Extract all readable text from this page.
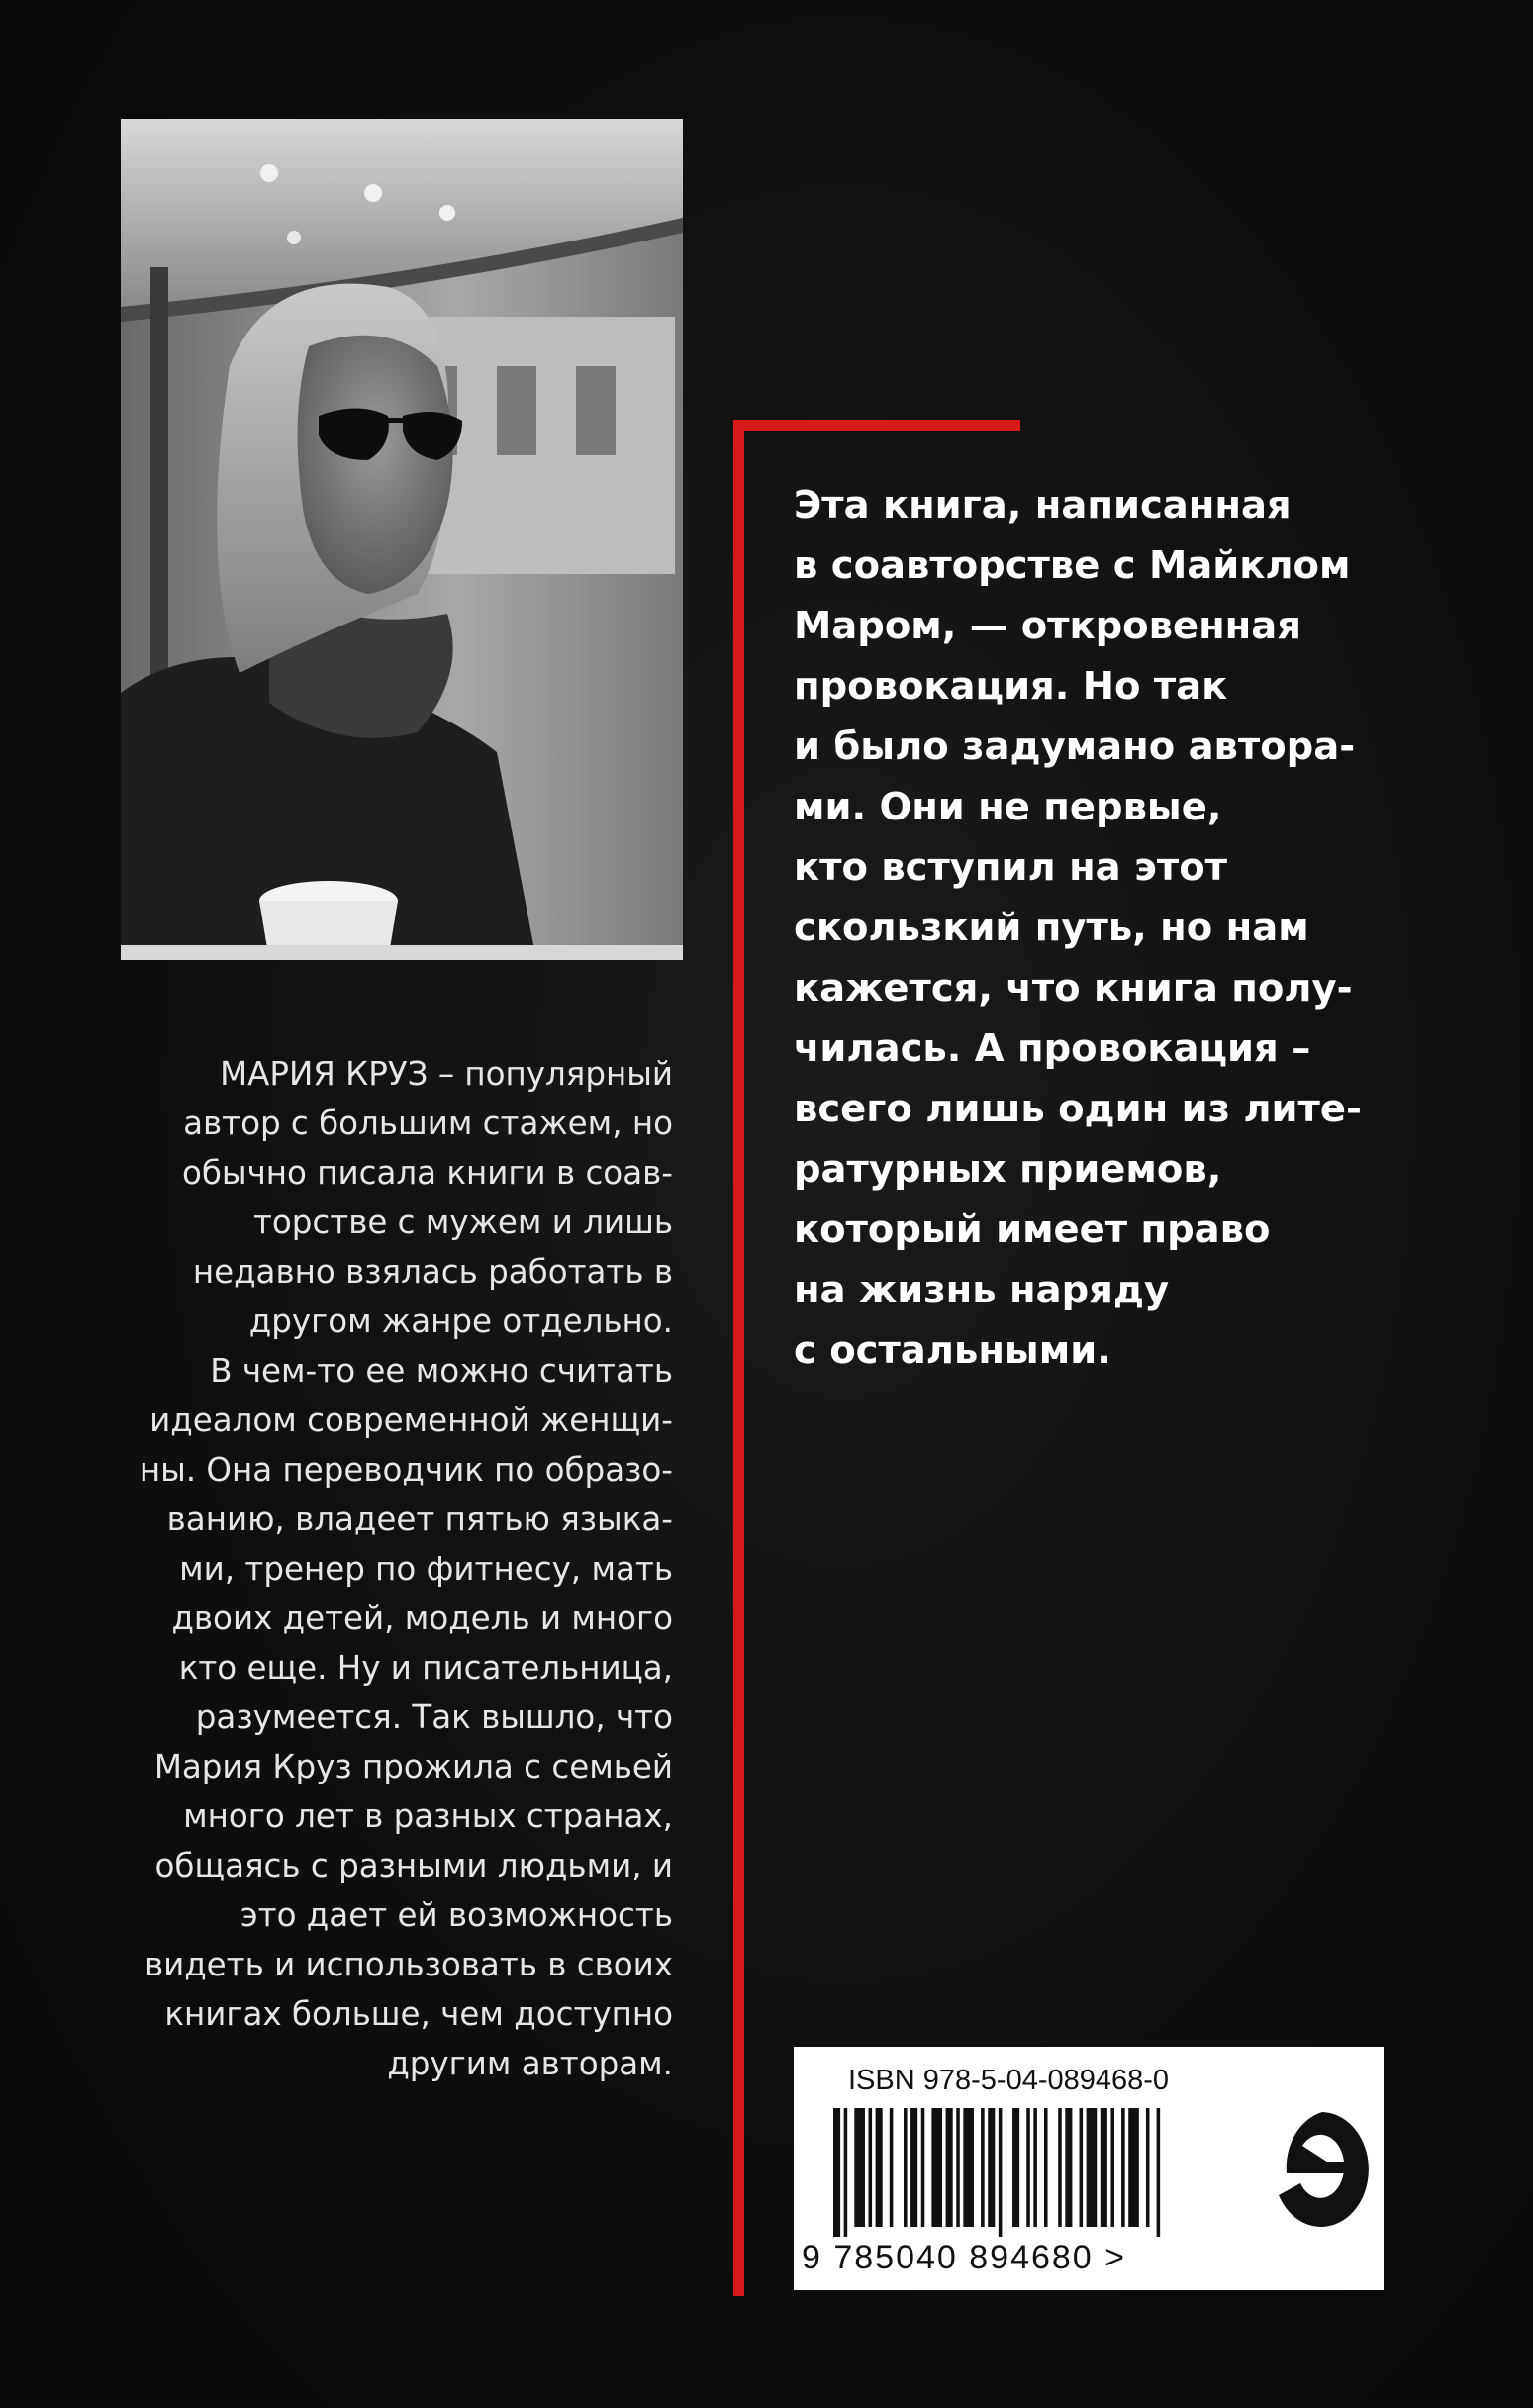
МАРИЯ КРУЗ – популярный
автор с большим стажем, но
обычно писала книги в соав-
торстве с мужем и лишь
недавно взялась работать в
другом жанре отдельно.
В чем-то ее можно считать
идеалом современной женщи-
ны. Она переводчик по образо-
ванию, владеет пятью языка-
ми, тренер по фитнесу, мать
двоих детей, модель и много
кто еще. Ну и писательница,
разумеется. Так вышло, что
Мария Круз прожила с семьей
много лет в разных странах,
общаясь с разными людьми, и
это дает ей возможность
видеть и использовать в своих
книгах больше, чем доступно
другим авторам.
Эта книга, написанная
в соавторстве с Майклом
Маром, — откровенная
провокация. Но так
и было задумано автора-
ми. Они не первые,
кто вступил на этот
скользкий путь, но нам
кажется, что книга полу-
чилась. А провокация –
всего лишь один из лите-
ратурных приемов,
который имеет право
на жизнь наряду
с остальными.
ISBN 978-5-04-089468-0
9 785040 894680 >
